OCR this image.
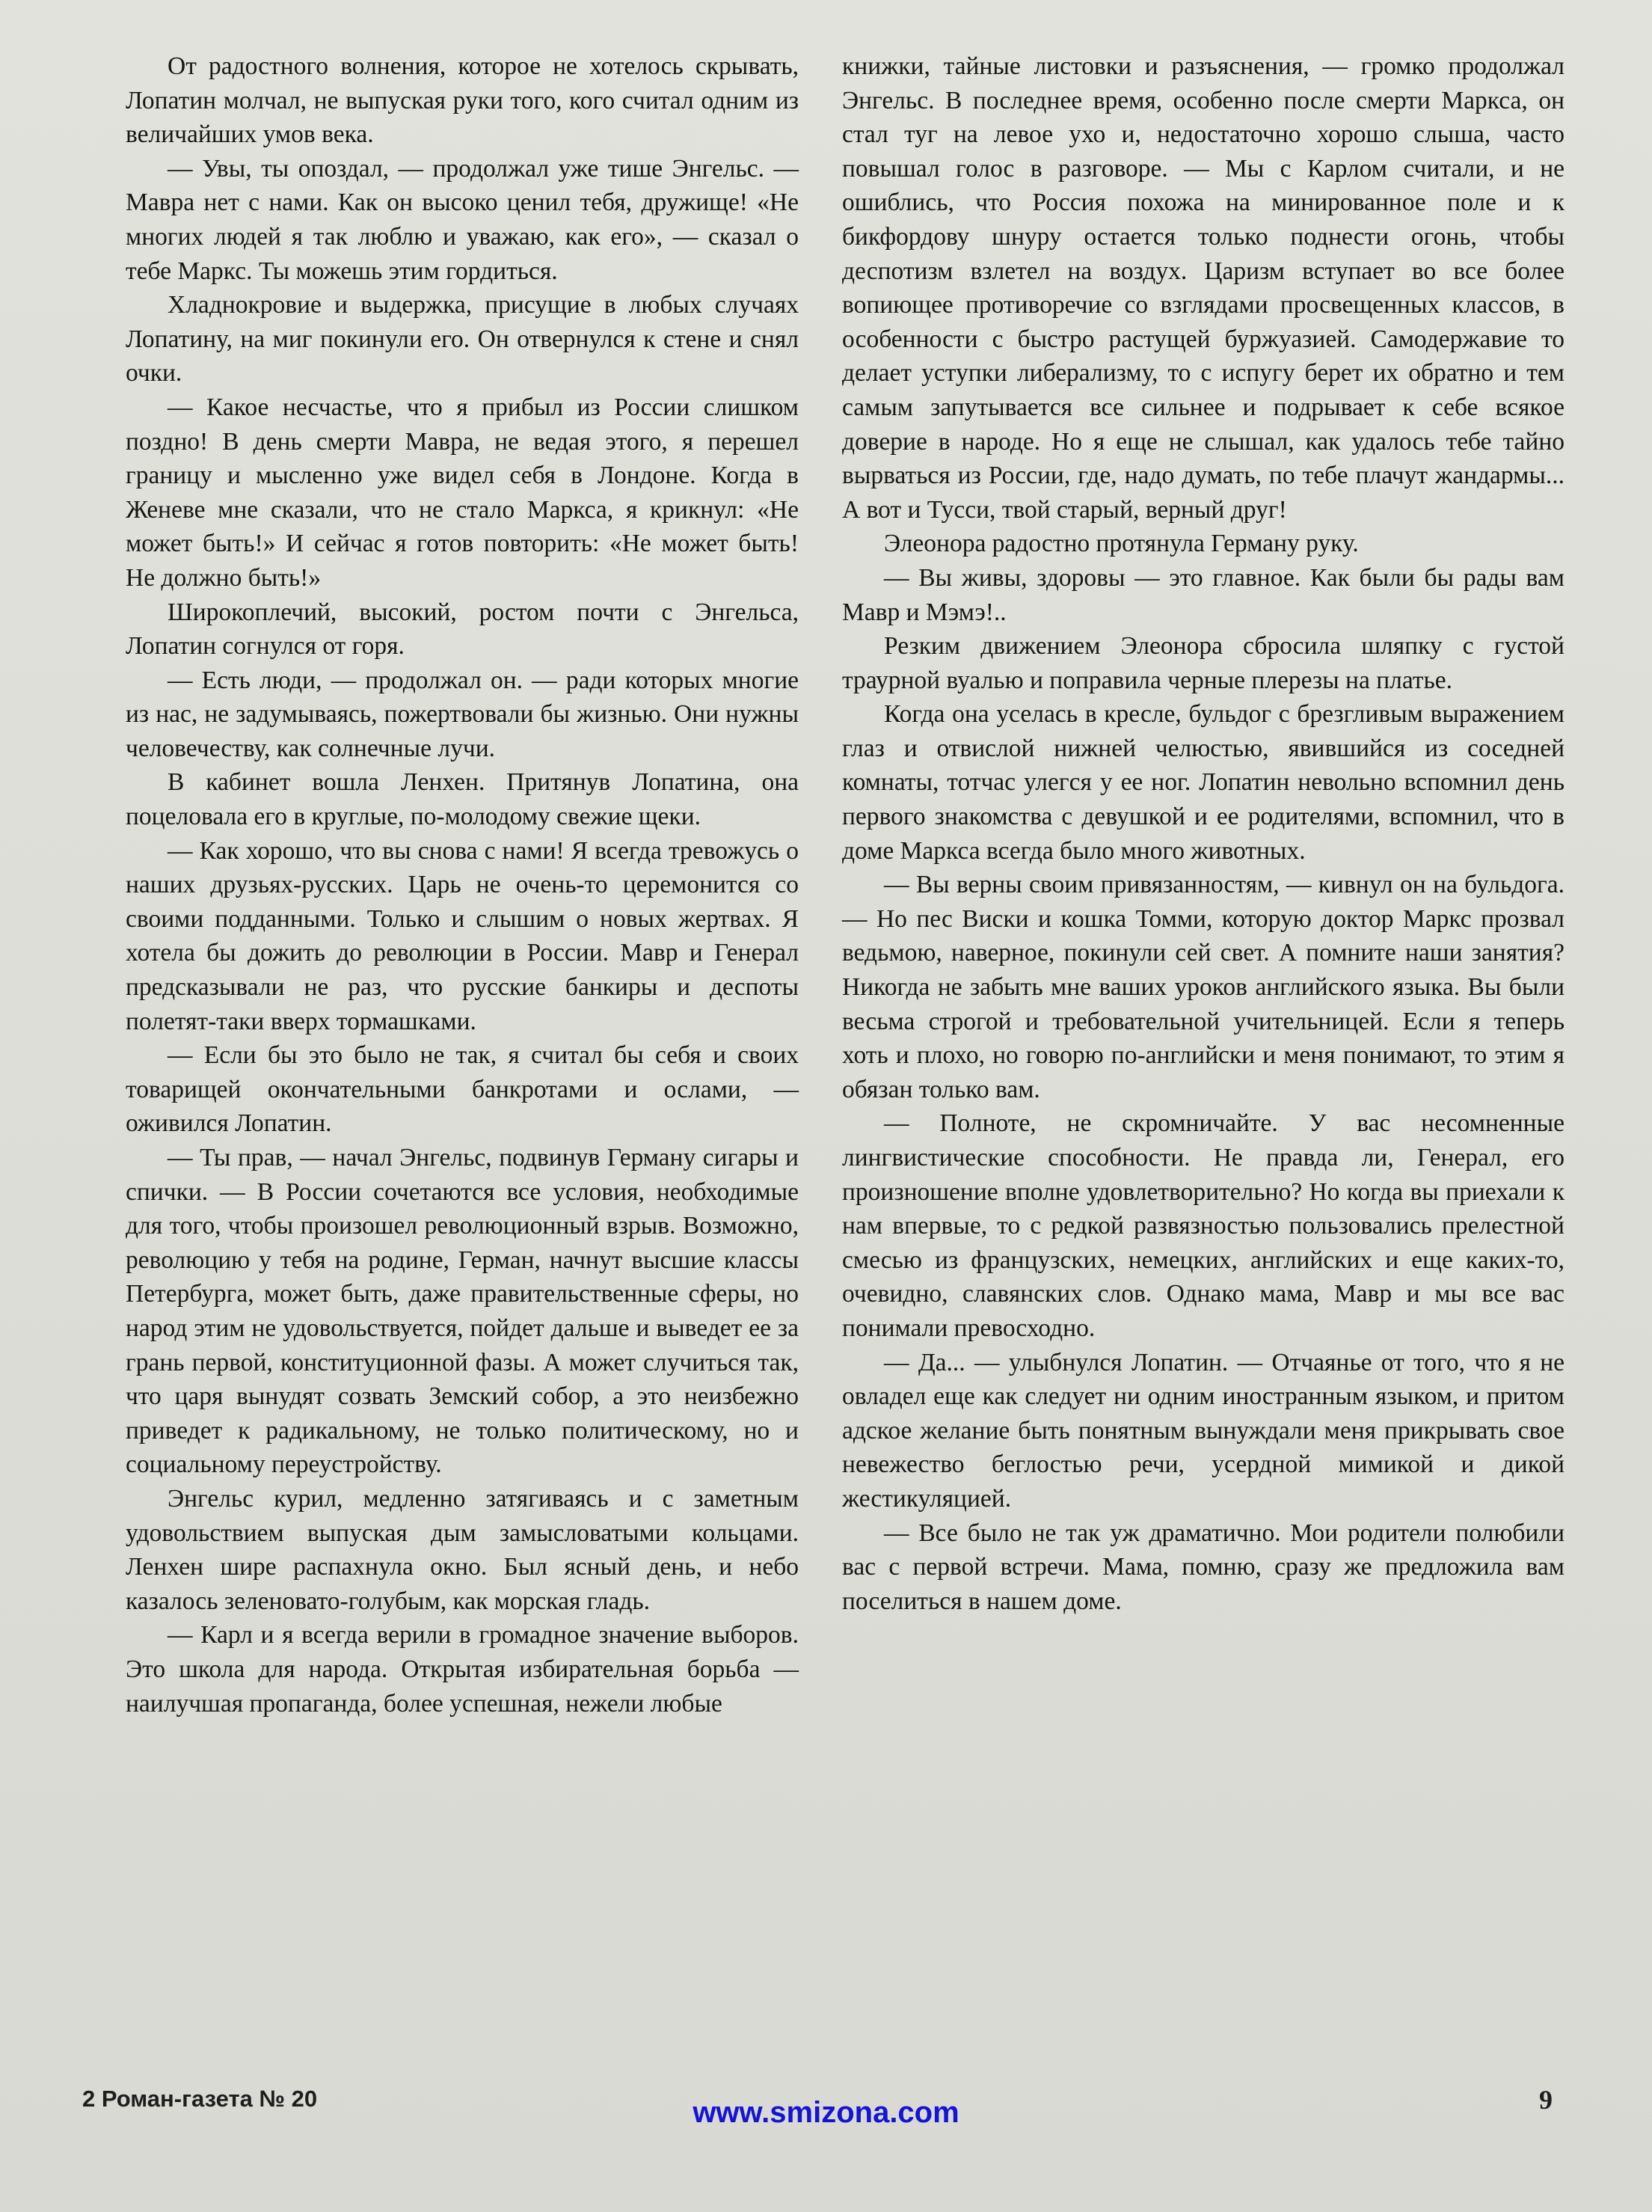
От радостного волнения, которое не хотелось скрывать, Лопатин молчал, не выпуская руки того, кого считал одним из величайших умов века.

— Увы, ты опоздал, — продолжал уже тише Энгельс. — Мавра нет с нами. Как он высоко ценил тебя, дружище! «Не многих людей я так люблю и уважаю, как его», — сказал о тебе Маркс. Ты можешь этим гордиться.

Хладнокровие и выдержка, присущие в любых случаях Лопатину, на миг покинули его. Он отвернулся к стене и снял очки.

— Какое несчастье, что я прибыл из России слишком поздно! В день смерти Мавра, не ведая этого, я перешел границу и мысленно уже видел себя в Лондоне. Когда в Женеве мне сказали, что не стало Маркса, я крикнул: «Не может быть!» И сейчас я готов повторить: «Не может быть! Не должно быть!»

Широкоплечий, высокий, ростом почти с Энгельса, Лопатин согнулся от горя.

— Есть люди, — продолжал он. — ради которых многие из нас, не задумываясь, пожертвовали бы жизнью. Они нужны человечеству, как солнечные лучи.

В кабинет вошла Ленхен. Притянув Лопатина, она поцеловала его в круглые, по-молодому свежие щеки.

— Как хорошо, что вы снова с нами! Я всегда тревожусь о наших друзьях-русских. Царь не очень-то церемонится со своими подданными. Только и слышим о новых жертвах. Я хотела бы дожить до революции в России. Мавр и Генерал предсказывали не раз, что русские банкиры и деспоты полетят-таки вверх тормашками.

— Если бы это было не так, я считал бы себя и своих товарищей окончательными банкротами и ослами, — оживился Лопатин.

— Ты прав, — начал Энгельс, подвинув Герману сигары и спички. — В России сочетаются все условия, необходимые для того, чтобы произошел революционный взрыв. Возможно, революцию у тебя на родине, Герман, начнут высшие классы Петербурга, может быть, даже правительственные сферы, но народ этим не удовольствуется, пойдет дальше и выведет ее за грань первой, конституционной фазы. А может случиться так, что царя вынудят созвать Земский собор, а это неизбежно приведет к радикальному, не только политическому, но и социальному переустройству.

Энгельс курил, медленно затягиваясь и с заметным удовольствием выпуская дым замысловатыми кольцами. Ленхен шире распахнула окно. Был ясный день, и небо казалось зеленовато-голубым, как морская гладь.

— Карл и я всегда верили в громадное значение выборов. Это школа для народа. Открытая избирательная борьба — наилучшая пропаганда, более успешная, нежели любые

книжки, тайные листовки и разъяснения, — громко продолжал Энгельс. В последнее время, особенно после смерти Маркса, он стал туг на левое ухо и, недостаточно хорошо слыша, часто повышал голос в разговоре. — Мы с Карлом считали, и не ошиблись, что Россия похожа на минированное поле и к бикфордову шнуру остается только поднести огонь, чтобы деспотизм взлетел на воздух. Царизм вступает во все более вопиющее противоречие со взглядами просвещенных классов, в особенности с быстро растущей буржуазией. Самодержавие то делает уступки либерализму, то с испугу берет их обратно и тем самым запутывается все сильнее и подрывает к себе всякое доверие в народе. Но я еще не слышал, как удалось тебе тайно вырваться из России, где, надо думать, по тебе плачут жандармы... А вот и Тусси, твой старый, верный друг!

Элеонора радостно протянула Герману руку.

— Вы живы, здоровы — это главное. Как были бы рады вам Мавр и Мэмэ!..

Резким движением Элеонора сбросила шляпку с густой траурной вуалью и поправила черные плерезы на платье.

Когда она уселась в кресле, бульдог с брезгливым выражением глаз и отвислой нижней челюстью, явившийся из соседней комнаты, тотчас улегся у ее ног. Лопатин невольно вспомнил день первого знакомства с девушкой и ее родителями, вспомнил, что в доме Маркса всегда было много животных.

— Вы верны своим привязанностям, — кивнул он на бульдога. — Но пес Виски и кошка Томми, которую доктор Маркс прозвал ведьмою, наверное, покинули сей свет. А помните наши занятия? Никогда не забыть мне ваших уроков английского языка. Вы были весьма строгой и требовательной учительницей. Если я теперь хоть и плохо, но говорю по-английски и меня понимают, то этим я обязан только вам.

— Полноте, не скромничайте. У вас несомненные лингвистические способности. Не правда ли, Генерал, его произношение вполне удовлетворительно? Но когда вы приехали к нам впервые, то с редкой развязностью пользовались прелестной смесью из французских, немецких, английских и еще каких-то, очевидно, славянских слов. Однако мама, Мавр и мы все вас понимали превосходно.

— Да... — улыбнулся Лопатин. — Отчаянье от того, что я не овладел еще как следует ни одним иностранным языком, и притом адское желание быть понятным вынуждали меня прикрывать свое невежество беглостью речи, усердной мимикой и дикой жестикуляцией.

— Все было не так уж драматично. Мои родители полюбили вас с первой встречи. Мама, помню, сразу же предложила вам поселиться в нашем доме.

2 Роман-газета № 20	www.smizona.com	9
